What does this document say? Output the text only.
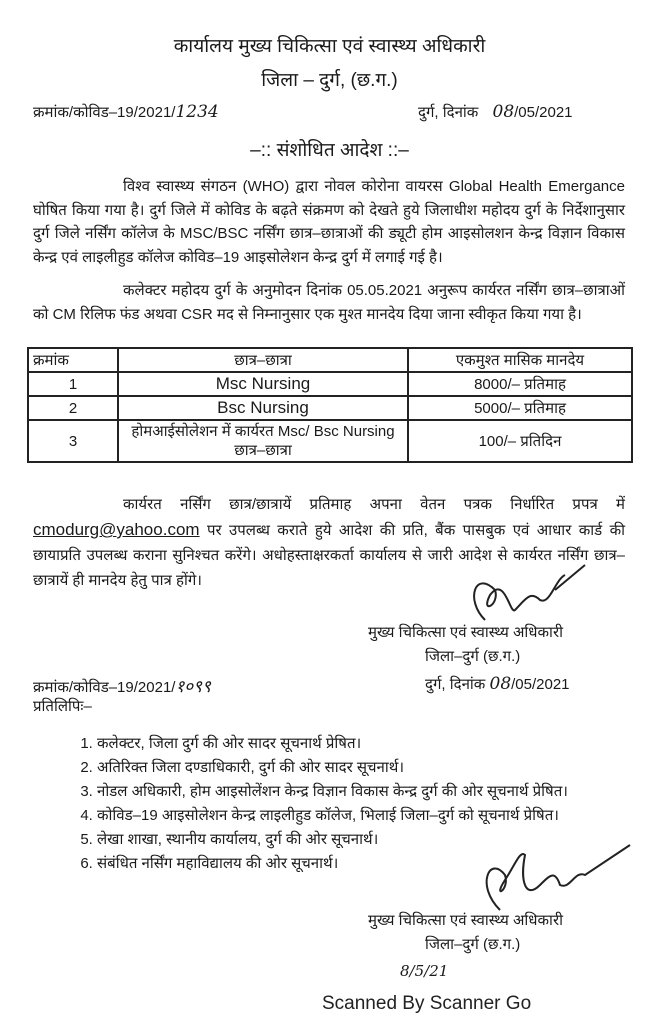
कार्यालय मुख्य चिकित्सा एवं स्वास्थ्य अधिकारी
जिला – दुर्ग, (छ.ग.)
क्रमांक/कोविड–19/2021/1234	दुर्ग, दिनांक 08/05/2021
–:: संशोधित आदेश ::–
विश्व स्वास्थ्य संगठन (WHO) द्वारा नोवल कोरोना वायरस Global Health Emergance घोषित किया गया है। दुर्ग जिले में कोविड के बढ़ते संक्रमण को देखते हुये जिलाधीश महोदय दुर्ग के निर्देशानुसार दुर्ग जिले नर्सिंग कॉलेज के MSC/BSC नर्सिंग छात्र–छात्राओं की ड्यूटी होम आइसोलशन केन्द्र विज्ञान विकास केन्द्र एवं लाइलीहुड कॉलेज कोविड–19 आइसोलेशन केन्द्र दुर्ग में लगाई गई है।
कलेक्टर महोदय दुर्ग के अनुमोदन दिनांक 05.05.2021 अनुरूप कार्यरत नर्सिंग छात्र–छात्राओं को CM रिलिफ फंड अथवा CSR मद से निम्नानुसार एक मुश्त मानदेय दिया जाना स्वीकृत किया गया है।
क्रमांक	छात्र–छात्रा	एकमुश्त मासिक मानदेय
1	Msc Nursing	8000/– प्रतिमाह
2	Bsc Nursing	5000/– प्रतिमाह
3	होमआईसोलेशन में कार्यरत Msc/ Bsc Nursing छात्र–छात्रा	100/– प्रतिदिन
कार्यरत नर्सिंग छात्र/छात्रायें प्रतिमाह अपना वेतन पत्रक निर्धारित प्रपत्र में cmodurg@yahoo.com पर उपलब्ध कराते हुये आदेश की प्रति, बैंक पासबुक एवं आधार कार्ड की छायाप्रति उपलब्ध कराना सुनिश्चत करेंगे। अधोहस्ताक्षरकर्ता कार्यालय से जारी आदेश से कार्यरत नर्सिंग छात्र–छात्रायें ही मानदेय हेतु पात्र होंगे।
मुख्य चिकित्सा एवं स्वास्थ्य अधिकारी
जिला–दुर्ग (छ.ग.)
क्रमांक/कोविड–19/2021/१०९९	दुर्ग, दिनांक 08/05/2021
प्रतिलिपिः–
1. कलेक्टर, जिला दुर्ग की ओर सादर सूचनार्थ प्रेषित।
2. अतिरिक्त जिला दण्डाधिकारी, दुर्ग की ओर सादर सूचनार्थ।
3. नोडल अधिकारी, होम आइसोलेंशन केन्द्र विज्ञान विकास केन्द्र दुर्ग की ओर सूचनार्थ प्रेषित।
4. कोविड–19 आइसोलेशन केन्द्र लाइलीहुड कॉलेज, भिलाई जिला–दुर्ग को सूचनार्थ प्रेषित।
5. लेखा शाखा, स्थानीय कार्यालय, दुर्ग की ओर सूचनार्थ।
6. संबंधित नर्सिंग महाविद्यालय की ओर सूचनार्थ।
मुख्य चिकित्सा एवं स्वास्थ्य अधिकारी
जिला–दुर्ग (छ.ग.)
8/5/21
Scanned By Scanner Go
